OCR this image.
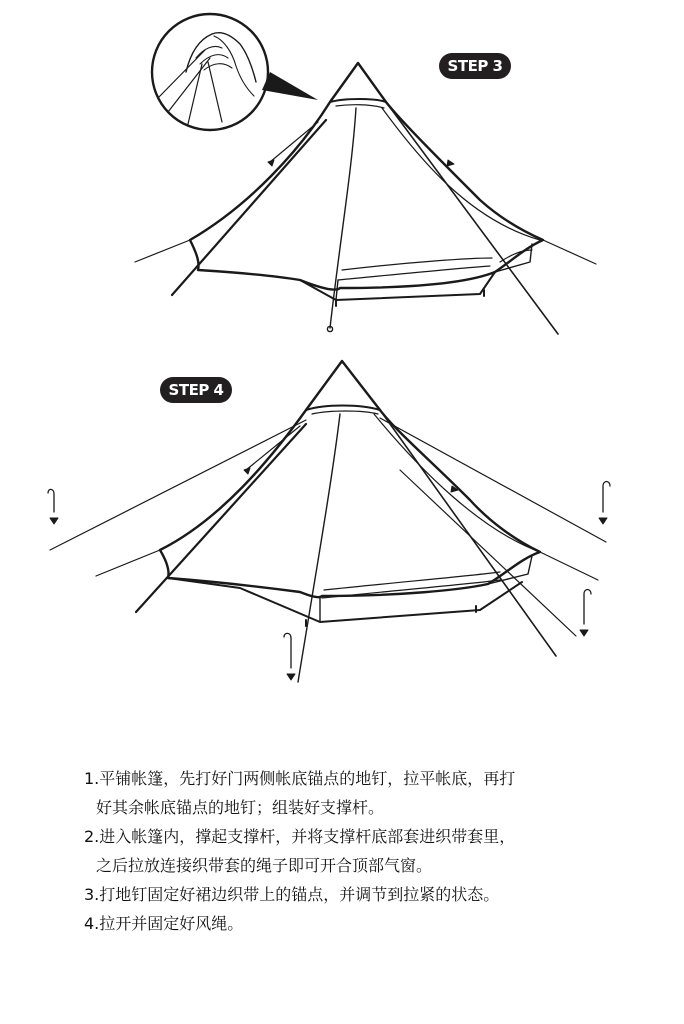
STEP 3
STEP 4
1.平铺帐篷，先打好门两侧帐底锚点的地钉，拉平帐底，再打
好其余帐底锚点的地钉；组装好支撑杆。
2.进入帐篷内，撑起支撑杆，并将支撑杆底部套进织带套里，
之后拉放连接织带套的绳子即可开合顶部气窗。
3.打地钉固定好裙边织带上的锚点，并调节到拉紧的状态。
4.拉开并固定好风绳。
